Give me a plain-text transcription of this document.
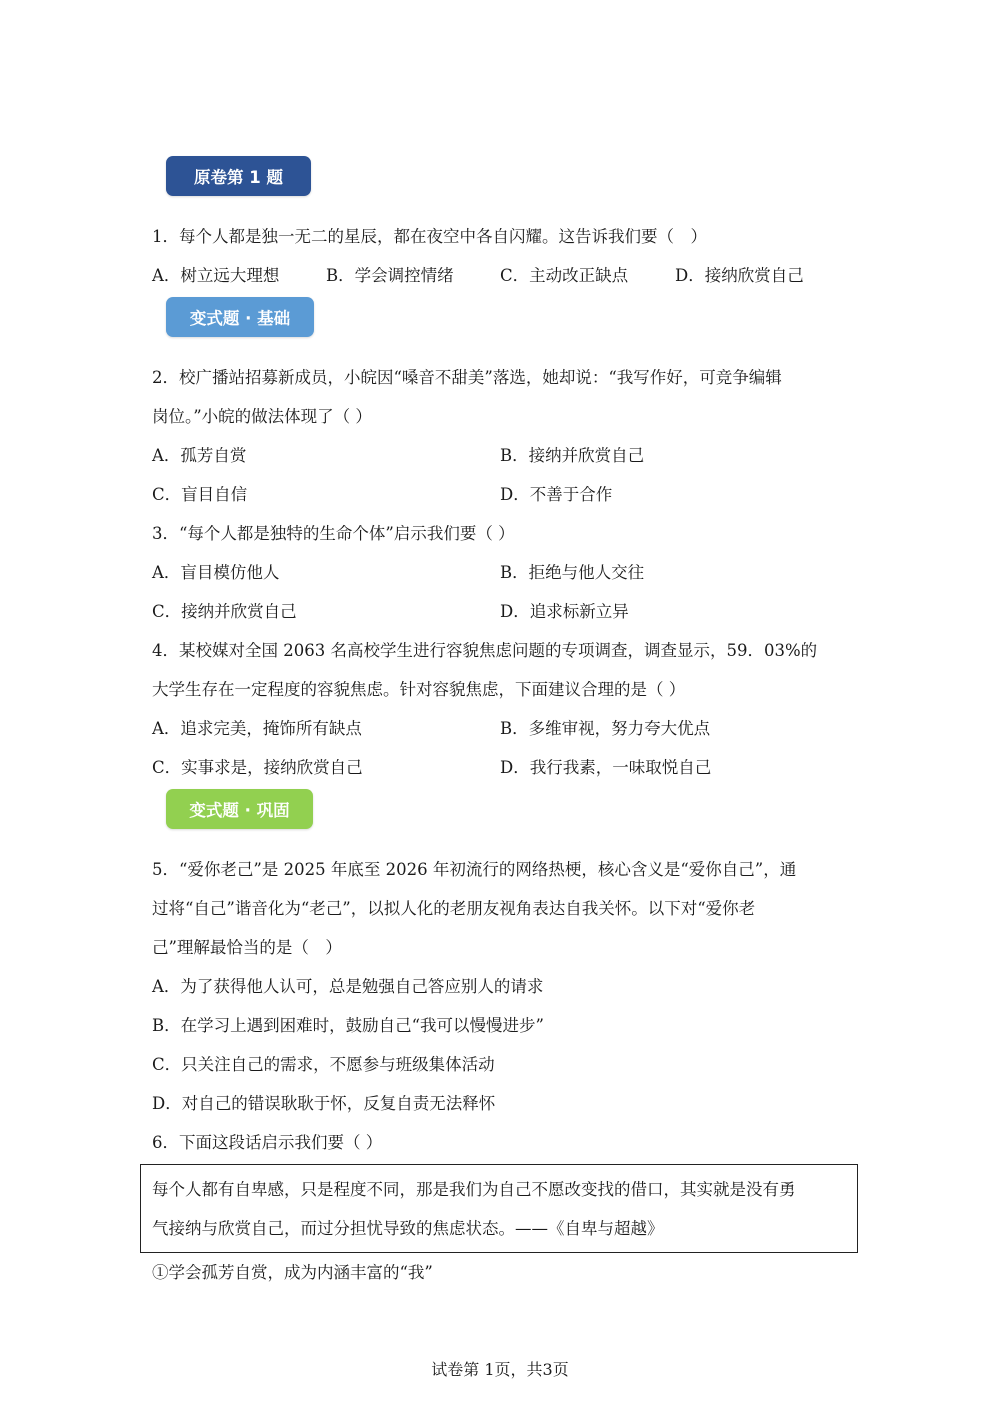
原卷第 1 题
1．每个人都是独一无二的星辰，都在夜空中各自闪耀。这告诉我们要（　）
A．树立远大理想	B．学会调控情绪	C．主动改正缺点	D．接纳欣赏自己
变式题 · 基础
2．校广播站招募新成员，小皖因“嗓音不甜美”落选，她却说：“我写作好，可竞争编辑
岗位。”小皖的做法体现了（ ）
A．孤芳自赏	B．接纳并欣赏自己
C．盲目自信	D．不善于合作
3．“每个人都是独特的生命个体”启示我们要（ ）
A．盲目模仿他人	B．拒绝与他人交往
C．接纳并欣赏自己	D．追求标新立异
4．某校媒对全国 2063 名高校学生进行容貌焦虑问题的专项调查，调查显示，59．03%的
大学生存在一定程度的容貌焦虑。针对容貌焦虑，下面建议合理的是（ ）
A．追求完美，掩饰所有缺点	B．多维审视，努力夸大优点
C．实事求是，接纳欣赏自己	D．我行我素，一味取悦自己
变式题 · 巩固
5．“爱你老己”是 2025 年底至 2026 年初流行的网络热梗，核心含义是“爱你自己”，通
过将“自己”谐音化为“老己”，以拟人化的老朋友视角表达自我关怀。以下对“爱你老
己”理解最恰当的是（　）
A．为了获得他人认可，总是勉强自己答应别人的请求
B．在学习上遇到困难时，鼓励自己“我可以慢慢进步”
C．只关注自己的需求，不愿参与班级集体活动
D．对自己的错误耿耿于怀，反复自责无法释怀
6．下面这段话启示我们要（ ）
每个人都有自卑感，只是程度不同，那是我们为自己不愿改变找的借口，其实就是没有勇
气接纳与欣赏自己，而过分担忧导致的焦虑状态。——《自卑与超越》
①学会孤芳自赏，成为内涵丰富的“我”
试卷第 1页，共3页
